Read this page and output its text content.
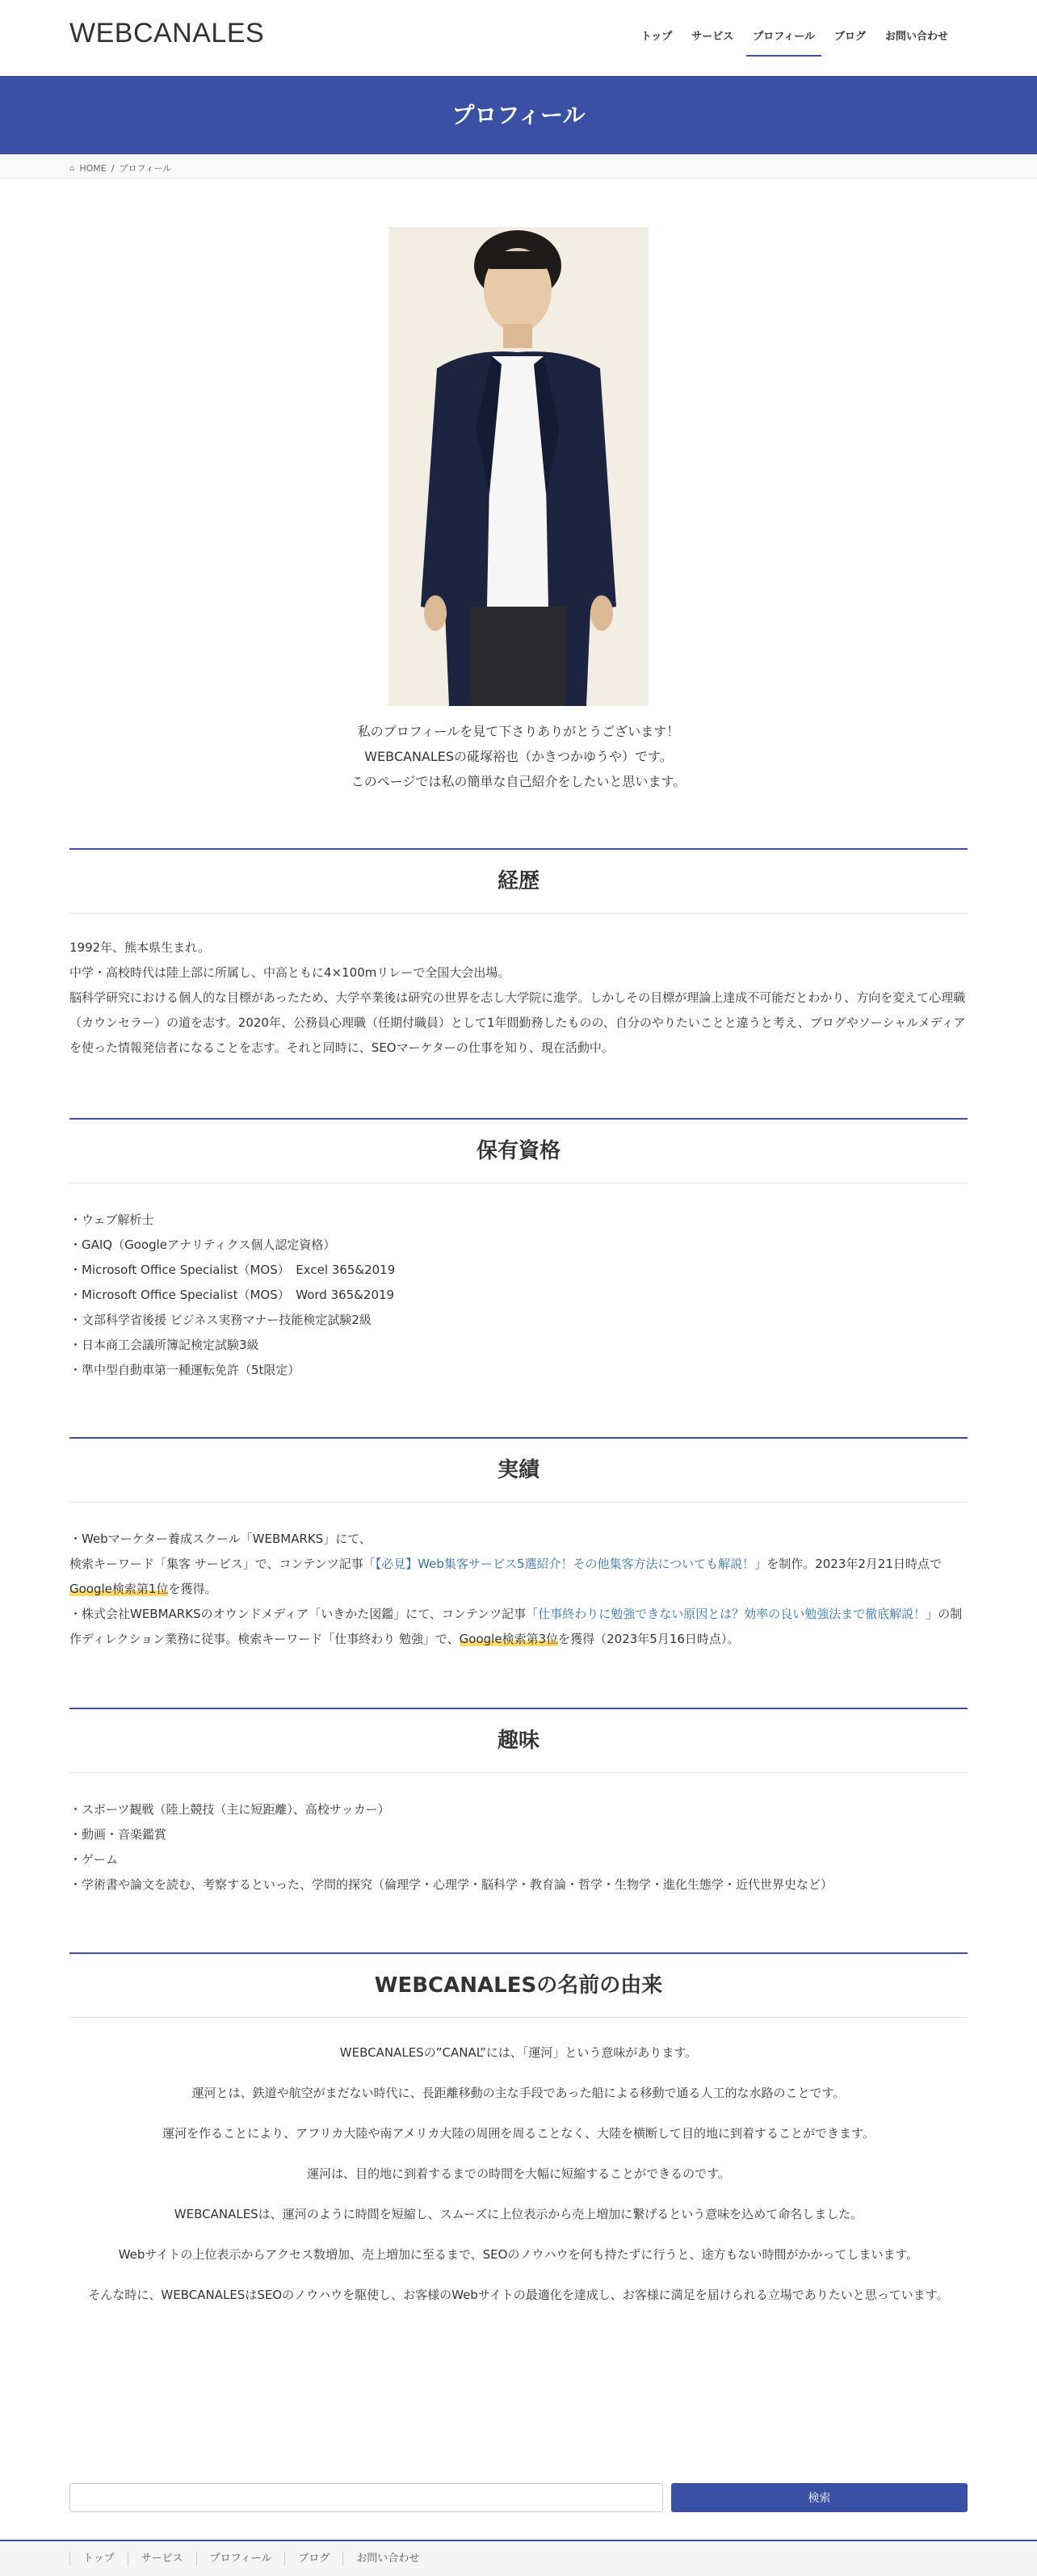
WEBCANALES	トップ	サービス	プロフィール	ブログ	お問い合わせ
プロフィール
⌂ HOME / プロフィール

私のプロフィールを見て下さりありがとうございます！

WEBCANALESの硴塚裕也（かきつかゆうや）です。

このページでは私の簡単な自己紹介をしたいと思います。

経歴

1992年、熊本県生まれ。

中学・高校時代は陸上部に所属し、中高ともに4×100mリレーで全国大会出場。

脳科学研究における個人的な目標があったため、大学卒業後は研究の世界を志し大学院に進学。しかしその目標が理論上達成不可能だとわかり、方向を変えて心理職（カウンセラー）の道を志す。2020年、公務員心理職（任期付職員）として1年間勤務したものの、自分のやりたいことと違うと考え、ブログやソーシャルメディアを使った情報発信者になることを志す。それと同時に、SEOマーケターの仕事を知り、現在活動中。

保有資格

・ウェブ解析士

・GAIQ（Googleアナリティクス個人認定資格）

・Microsoft Office Specialist（MOS）　Excel 365&2019

・Microsoft Office Specialist（MOS）　Word 365&2019

・文部科学省後援 ビジネス実務マナー技能検定試験2級

・日本商工会議所簿記検定試験3級

・準中型自動車第一種運転免許（5t限定）

実績

・Webマーケター養成スクール「WEBMARKS」にて、

検索キーワード「集客 サービス」で、コンテンツ記事「【必見】Web集客サービス5選紹介！その他集客方法についても解説！」を制作。2023年2月21日時点でGoogle検索第1位を獲得。

・株式会社WEBMARKSのオウンドメディア「いきかた図鑑」にて、コンテンツ記事「仕事終わりに勉強できない原因とは？効率の良い勉強法まで徹底解説！」の制作ディレクション業務に従事。検索キーワード「仕事終わり 勉強」で、Google検索第3位を獲得（2023年5月16日時点）。

趣味

・スポーツ観戦（陸上競技（主に短距離）、高校サッカー）

・動画・音楽鑑賞

・ゲーム

・学術書や論文を読む、考察するといった、学問的探究（倫理学・心理学・脳科学・教育論・哲学・生物学・進化生態学・近代世界史など）

WEBCANALESの名前の由来

WEBCANALESの”CANAL”には、「運河」という意味があります。

運河とは、鉄道や航空がまだない時代に、長距離移動の主な手段であった船による移動で通る人工的な水路のことです。

運河を作ることにより、アフリカ大陸や南アメリカ大陸の周囲を周ることなく、大陸を横断して目的地に到着することができます。

運河は、目的地に到着するまでの時間を大幅に短縮することができるのです。

WEBCANALESは、運河のように時間を短縮し、スムーズに上位表示から売上増加に繋げるという意味を込めて命名しました。

Webサイトの上位表示からアクセス数増加、売上増加に至るまで、SEOのノウハウを何も持たずに行うと、途方もない時間がかかってしまいます。

そんな時に、WEBCANALESはSEOのノウハウを駆使し、お客様のWebサイトの最適化を達成し、お客様に満足を届けられる立場でありたいと思っています。

検索
トップ	サービス	プロフィール	ブログ	お問い合わせ
